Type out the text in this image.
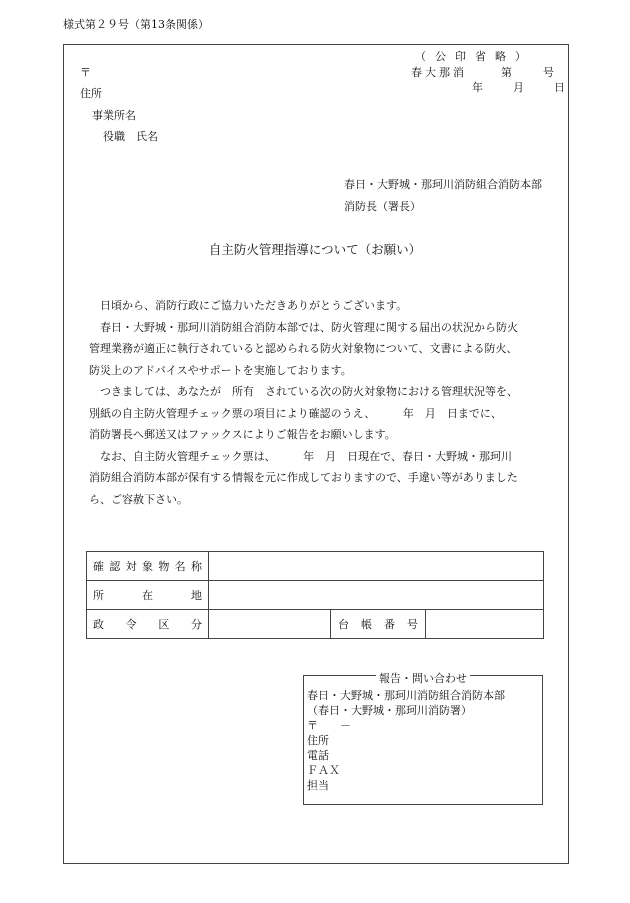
様式第２９号（第13条関係）
（公印省略）
春大那消	第	号
年	月	日
〒
住所
事業所名
役職　氏名
春日・大野城・那珂川消防組合消防本部
消防長（署長）
自主防火管理指導について（お願い）

　日頃から、消防行政にご協力いただきありがとうございます。

　春日・大野城・那珂川消防組合消防本部では、防火管理に関する届出の状況から防火

管理業務が適正に執行されていると認められる防火対象物について、文書による防火、

防災上のアドバイスやサポートを実施しております。

　つきましては、あなたが　所有　されている次の防火対象物における管理状況等を、

別紙の自主防火管理チェック票の項目により確認のうえ、　　　年　月　日までに、

消防署長へ郵送又はファックスによりご報告をお願いします。

　なお、自主防火管理チェック票は、　　　年　月　日現在で、春日・大野城・那珂川

消防組合消防本部が保有する情報を元に作成しておりますので、手違い等がありました

ら、ご容赦下さい。

確認対象物名称			
所在地			
政令区分		台帳番号	
報告・問い合わせ
春日・大野城・那珂川消防組合消防本部
（春日・大野城・那珂川消防署）
〒　　－
住所
電話
ＦＡＸ
担当
